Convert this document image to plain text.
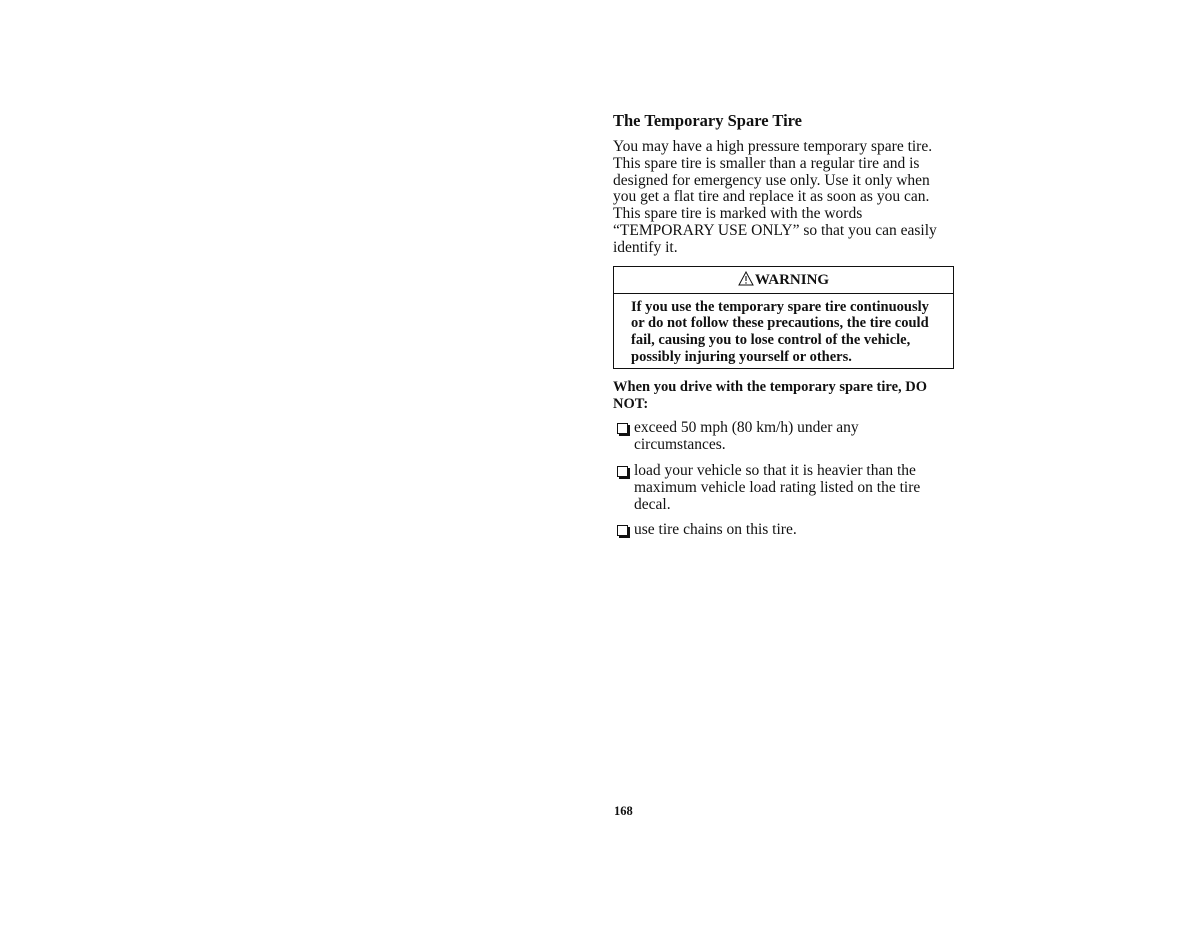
The Temporary Spare Tire

You may have a high pressure temporary spare tire. This spare tire is smaller than a regular tire and is designed for emergency use only. Use it only when you get a flat tire and replace it as soon as you can. This spare tire is marked with the words “TEMPORARY USE ONLY” so that you can easily identify it.

WARNING
If you use the temporary spare tire continuously or do not follow these precautions, the tire could fail, causing you to lose control of the vehicle, possibly injuring yourself or others.

When you drive with the temporary spare tire, DO NOT:

exceed 50 mph (80 km/h) under any circumstances.
load your vehicle so that it is heavier than the maximum vehicle load rating listed on the tire decal.
use tire chains on this tire.
168
